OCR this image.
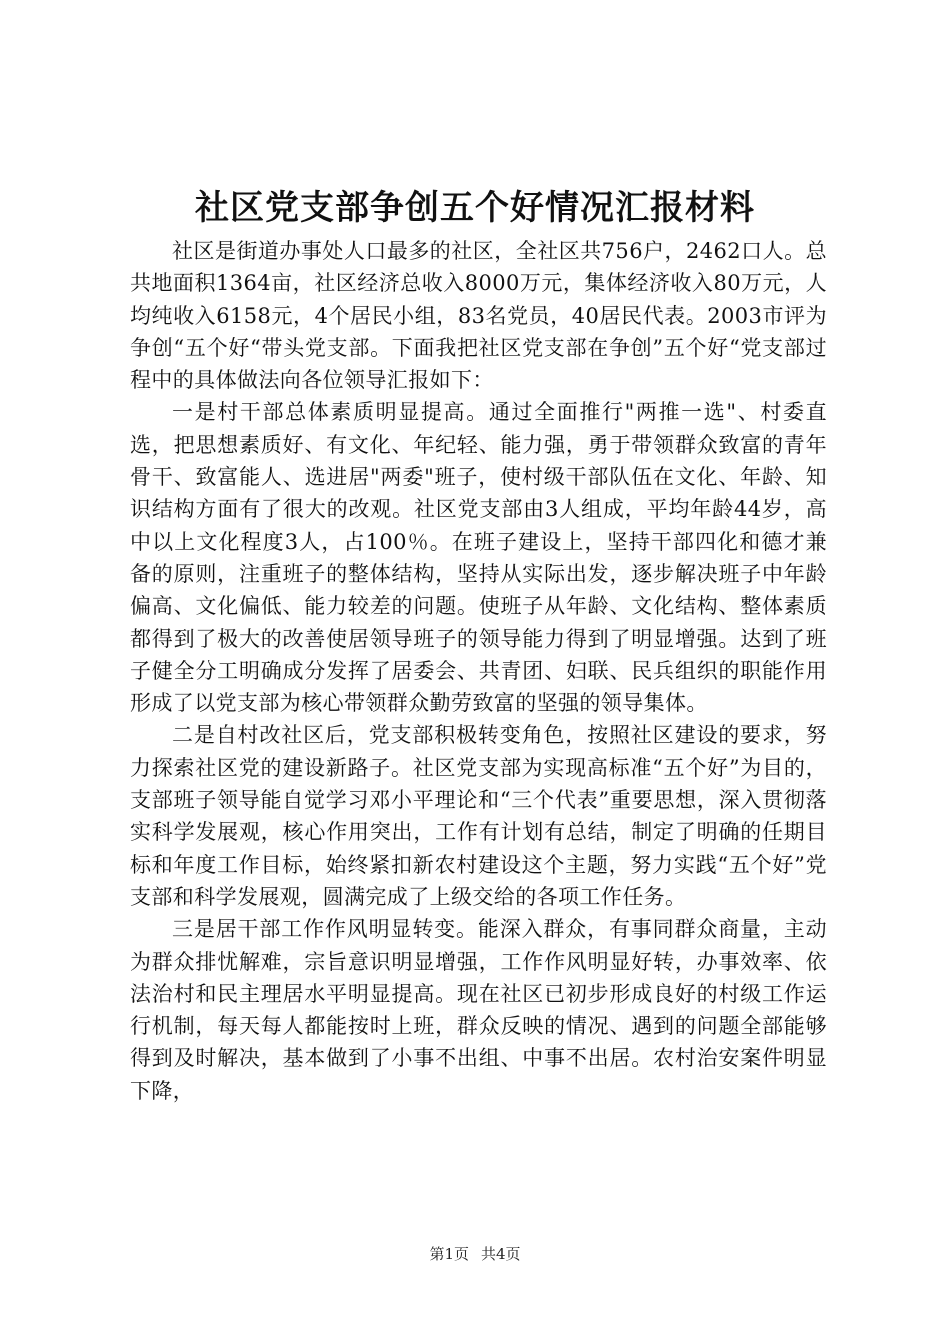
社区党支部争创五个好情况汇报材料

社区是街道办事处人口最多的社区，全社区共756户，2462口人。总共地面积1364亩，社区经济总收入8000万元，集体经济收入80万元，人均纯收入6158元，4个居民小组，83名党员，40居民代表。2003市评为争创“五个好“带头党支部。下面我把社区党支部在争创”五个好“党支部过程中的具体做法向各位领导汇报如下：

一是村干部总体素质明显提高。通过全面推行"两推一选"、村委直选，把思想素质好、有文化、年纪轻、能力强，勇于带领群众致富的青年骨干、致富能人、选进居"两委"班子，使村级干部队伍在文化、年龄、知识结构方面有了很大的改观。社区党支部由3人组成，平均年龄44岁，高中以上文化程度3人，占100％。在班子建设上，坚持干部四化和德才兼备的原则，注重班子的整体结构，坚持从实际出发，逐步解决班子中年龄偏高、文化偏低、能力较差的问题。使班子从年龄、文化结构、整体素质都得到了极大的改善使居领导班子的领导能力得到了明显增强。达到了班子健全分工明确成分发挥了居委会、共青团、妇联、民兵组织的职能作用形成了以党支部为核心带领群众勤劳致富的坚强的领导集体。

二是自村改社区后，党支部积极转变角色，按照社区建设的要求，努力探索社区党的建设新路子。社区党支部为实现高标准“五个好”为目的，支部班子领导能自觉学习邓小平理论和“三个代表”重要思想，深入贯彻落实科学发展观，核心作用突出，工作有计划有总结，制定了明确的任期目标和年度工作目标，始终紧扣新农村建设这个主题，努力实践“五个好”党支部和科学发展观，圆满完成了上级交给的各项工作任务。

三是居干部工作作风明显转变。能深入群众，有事同群众商量，主动为群众排忧解难，宗旨意识明显增强，工作作风明显好转，办事效率、依法治村和民主理居水平明显提高。现在社区已初步形成良好的村级工作运行机制，每天每人都能按时上班，群众反映的情况、遇到的问题全部能够得到及时解决，基本做到了小事不出组、中事不出居。农村治安案件明显下降，

第1页 共4页
